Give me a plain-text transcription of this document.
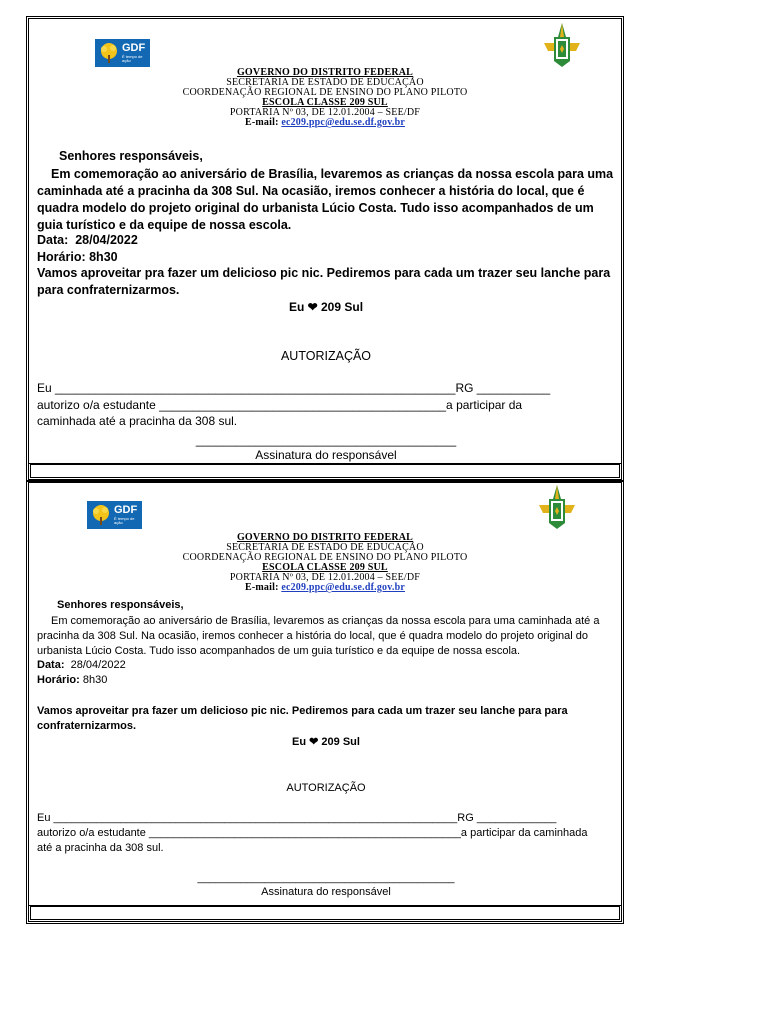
GDF
É tempo de ação
GOVERNO DO DISTRITO FEDERAL
SECRETARIA DE ESTADO DE EDUCAÇÃO
COORDENAÇÃO REGIONAL DE ENSINO DO PLANO PILOTO
ESCOLA CLASSE 209 SUL
PORTARIA Nº 03, DE 12.01.2004 – SEE/DF
E-mail: ec209.ppc@edu.se.df.gov.br
Senhores responsáveis,
Em comemoração ao aniversário de Brasília, levaremos as crianças da nossa escola para uma caminhada até a pracinha da 308 Sul. Na ocasião, iremos conhecer a história do local, que é quadra modelo do projeto original do urbanista Lúcio Costa. Tudo isso acompanhados de um guia turístico e da equipe de nossa escola.
Data: 28/04/2022
Horário: 8h30
Vamos aproveitar pra fazer um delicioso pic nic. Pediremos para cada um trazer seu lanche para para confraternizarmos.
Eu ❤ 209 Sul
AUTORIZAÇÃO
Eu ____________________________________________________________RG ___________
autorizo o/a estudante ___________________________________________a participar da
caminhada até a pracinha da 308 sul.
_______________________________________
Assinatura do responsável
GDF
É tempo de ação
GOVERNO DO DISTRITO FEDERAL
SECRETARIA DE ESTADO DE EDUCAÇÃO
COORDENAÇÃO REGIONAL DE ENSINO DO PLANO PILOTO
ESCOLA CLASSE 209 SUL
PORTARIA Nº 03, DE 12.01.2004 – SEE/DF
E-mail: ec209.ppc@edu.se.df.gov.br
Senhores responsáveis,
Em comemoração ao aniversário de Brasília, levaremos as crianças da nossa escola para uma caminhada até a pracinha da 308 Sul. Na ocasião, iremos conhecer a história do local, que é quadra modelo do projeto original do urbanista Lúcio Costa. Tudo isso acompanhados de um guia turístico e da equipe de nossa escola.
Data: 28/04/2022
Horário: 8h30
Vamos aproveitar pra fazer um delicioso pic nic. Pediremos para cada um trazer seu lanche para para confraternizarmos.
Eu ❤ 209 Sul
AUTORIZAÇÃO
Eu __________________________________________________________________RG _____________
autorizo o/a estudante ___________________________________________________a participar da caminhada
até a pracinha da 308 sul.
__________________________________________
Assinatura do responsável
